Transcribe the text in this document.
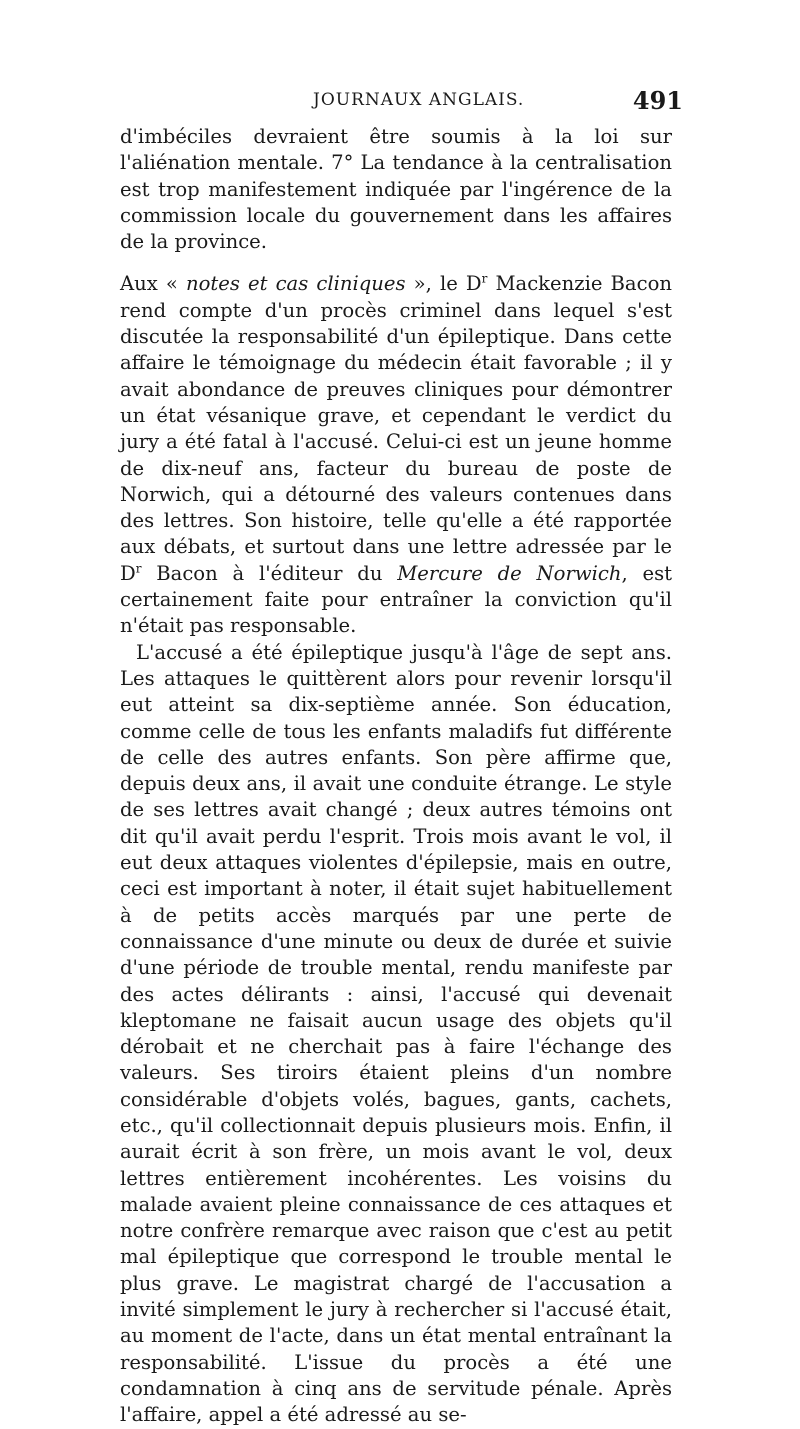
JOURNAUX ANGLAIS.	491

d'imbéciles devraient être soumis à la loi sur l'aliénation mentale. 7° La tendance à la centralisation est trop manifestement indiquée par l'ingérence de la commission locale du gouvernement dans les affaires de la province.

Aux « notes et cas cliniques », le $D^r$ Mackenzie Bacon rend compte d'un procès criminel dans lequel s'est discutée la responsabilité d'un épileptique. Dans cette affaire le témoignage du médecin était favorable ; il y avait abondance de preuves cliniques pour démontrer un état vésanique grave, et cependant le verdict du jury a été fatal à l'accusé. Celui-ci est un jeune homme de dix-neuf ans, facteur du bureau de poste de Norwich, qui a détourné des valeurs contenues dans des lettres. Son histoire, telle qu'elle a été rapportée aux débats, et surtout dans une lettre adressée par le $D^r$ Bacon à l'éditeur du Mercure de Norwich, est certainement faite pour entraîner la conviction qu'il n'était pas responsable.

L'accusé a été épileptique jusqu'à l'âge de sept ans. Les attaques le quittèrent alors pour revenir lorsqu'il eut atteint sa dix-septième année. Son éducation, comme celle de tous les enfants maladifs fut différente de celle des autres enfants. Son père affirme que, depuis deux ans, il avait une conduite étrange. Le style de ses lettres avait changé ; deux autres témoins ont dit qu'il avait perdu l'esprit. Trois mois avant le vol, il eut deux attaques violentes d'épilepsie, mais en outre, ceci est important à noter, il était sujet habituellement à de petits accès marqués par une perte de connaissance d'une minute ou deux de durée et suivie d'une période de trouble mental, rendu manifeste par des actes délirants : ainsi, l'accusé qui devenait kleptomane ne faisait aucun usage des objets qu'il dérobait et ne cherchait pas à faire l'échange des valeurs. Ses tiroirs étaient pleins d'un nombre considérable d'objets volés, bagues, gants, cachets, etc., qu'il collectionnait depuis plusieurs mois. Enfin, il aurait écrit à son frère, un mois avant le vol, deux lettres entièrement incohérentes. Les voisins du malade avaient pleine connaissance de ces attaques et notre confrère remarque avec raison que c'est au petit mal épileptique que correspond le trouble mental le plus grave. Le magistrat chargé de l'accusation a invité simplement le jury à rechercher si l'accusé était, au moment de l'acte, dans un état mental entraînant la responsabilité. L'issue du procès a été une condamnation à cinq ans de servitude pénale. Après l'affaire, appel a été adressé au se-
